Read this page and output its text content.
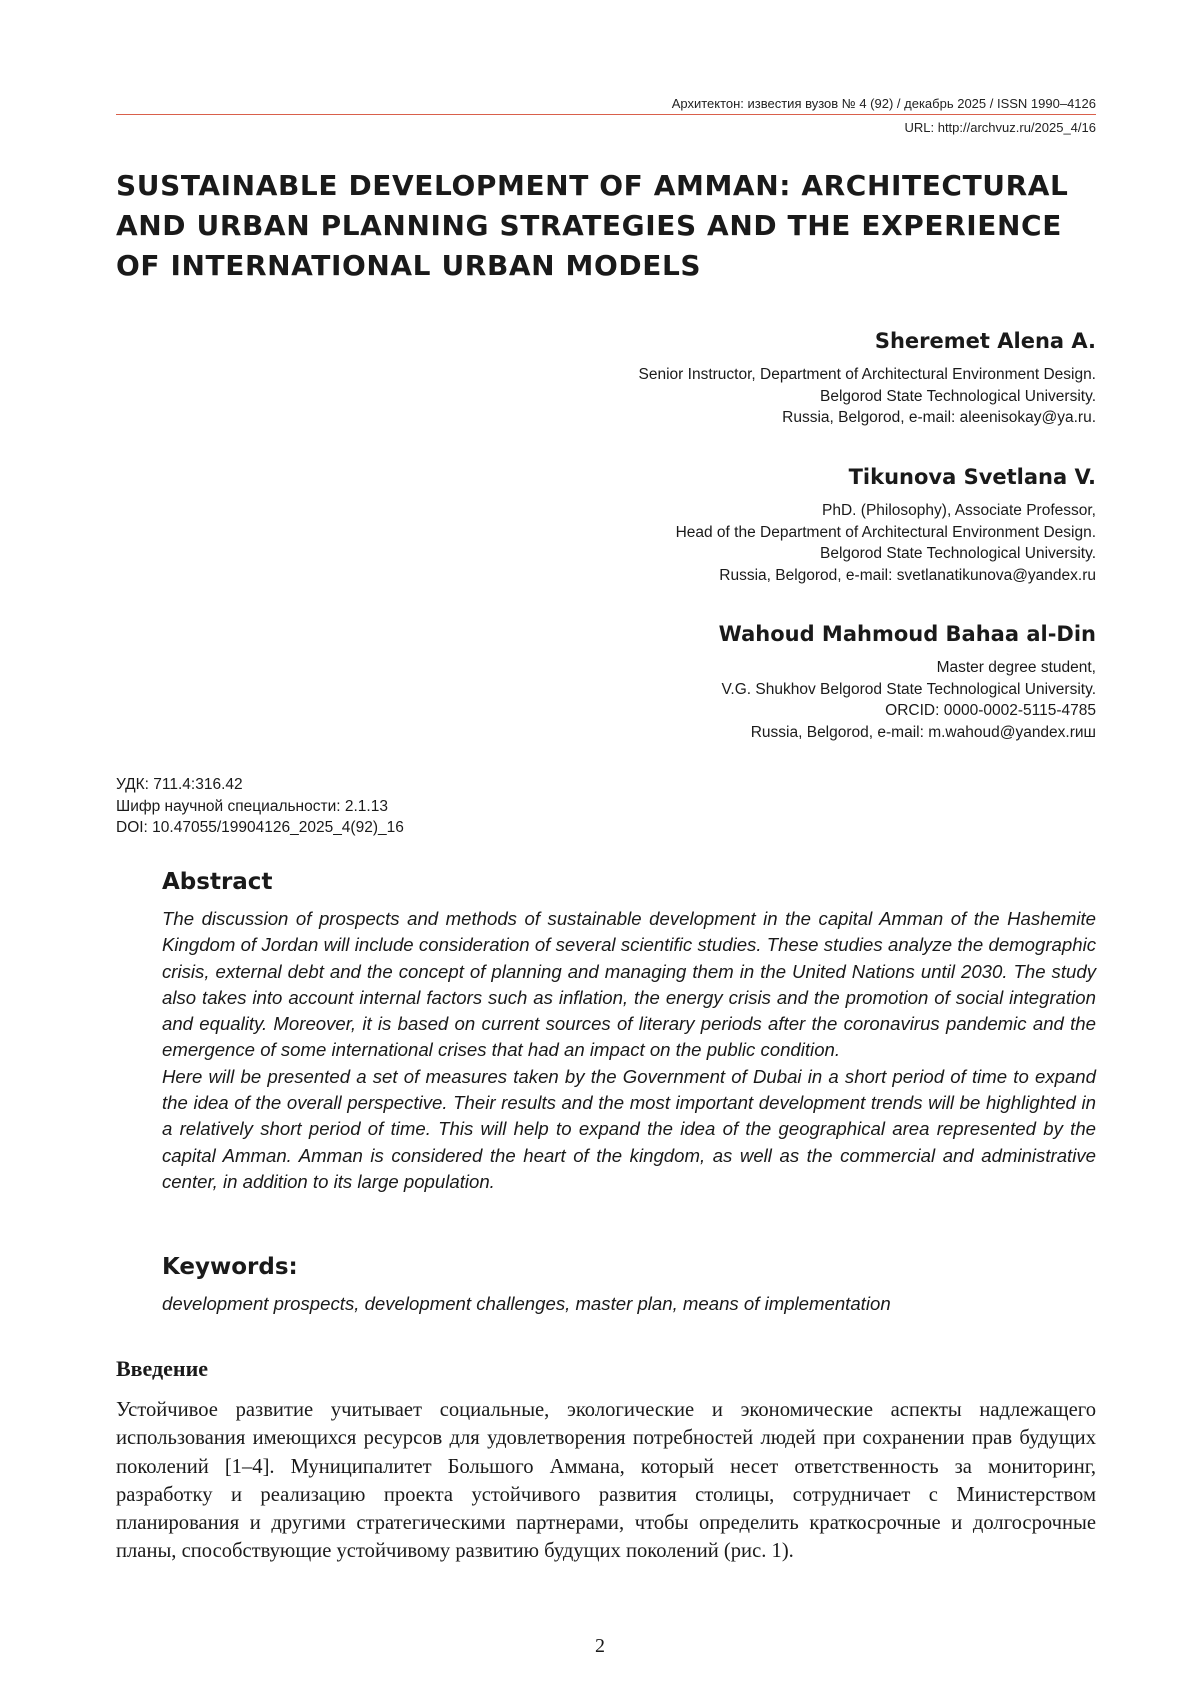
Архитектон: известия вузов № 4 (92) / декабрь 2025 / ISSN 1990–4126
URL: http://archvuz.ru/2025_4/16
SUSTAINABLE DEVELOPMENT OF AMMAN: ARCHITECTURAL
AND URBAN PLANNING STRATEGIES AND THE EXPERIENCE
OF INTERNATIONAL URBAN MODELS
Sheremet Alena A.
Senior Instructor, Department of Architectural Environment Design.
Belgorod State Technological University.
Russia, Belgorod, e-mail: aleenisokay@ya.ru.
Tikunova Svetlana V.
PhD. (Philosophy), Associate Professor,
Head of the Department of Architectural Environment Design.
Belgorod State Technological University.
Russia, Belgorod, e-mail: svetlanatikunova@yandex.ru
Wahoud Mahmoud Bahaa al-Din
Master degree student,
V.G. Shukhov Belgorod State Technological University.
ORCID: 0000-0002-5115-4785
Russia, Belgorod, e-mail: m.wahoud@yandex.rиш
УДК: 711.4:316.42
Шифр научной специальности: 2.1.13
DOI: 10.47055/19904126_2025_4(92)_16
Abstract

The discussion of prospects and methods of sustainable development in the capital Amman of the Hashemite Kingdom of Jordan will include consideration of several scientific studies. These studies analyze the demographic crisis, external debt and the concept of planning and managing them in the United Nations until 2030. The study also takes into account internal factors such as inflation, the energy crisis and the promotion of social integration and equality. Moreover, it is based on current sources of literary periods after the coronavirus pandemic and the emergence of some international crises that had an impact on the public condition.

Here will be presented a set of measures taken by the Government of Dubai in a short period of time to expand the idea of the overall perspective. Their results and the most important development trends will be highlighted in a relatively short period of time. This will help to expand the idea of the geographical area represented by the capital Amman. Amman is considered the heart of the kingdom, as well as the commercial and administrative center, in addition to its large population.

Keywords:
development prospects, development challenges, master plan, means of implementation
Введение
Устойчивое развитие учитывает социальные, экологические и экономические аспекты надлежащего использования имеющихся ресурсов для удовлетворения потребностей людей при сохранении прав будущих поколений [1–4]. Муниципалитет Большого Аммана, который несет ответственность за мониторинг, разработку и реализацию проекта устойчивого развития столицы, сотрудничает с Министерством планирования и другими стратегическими партнерами, чтобы определить краткосрочные и долгосрочные планы, способствующие устойчивому развитию будущих поколений (рис. 1).
2
